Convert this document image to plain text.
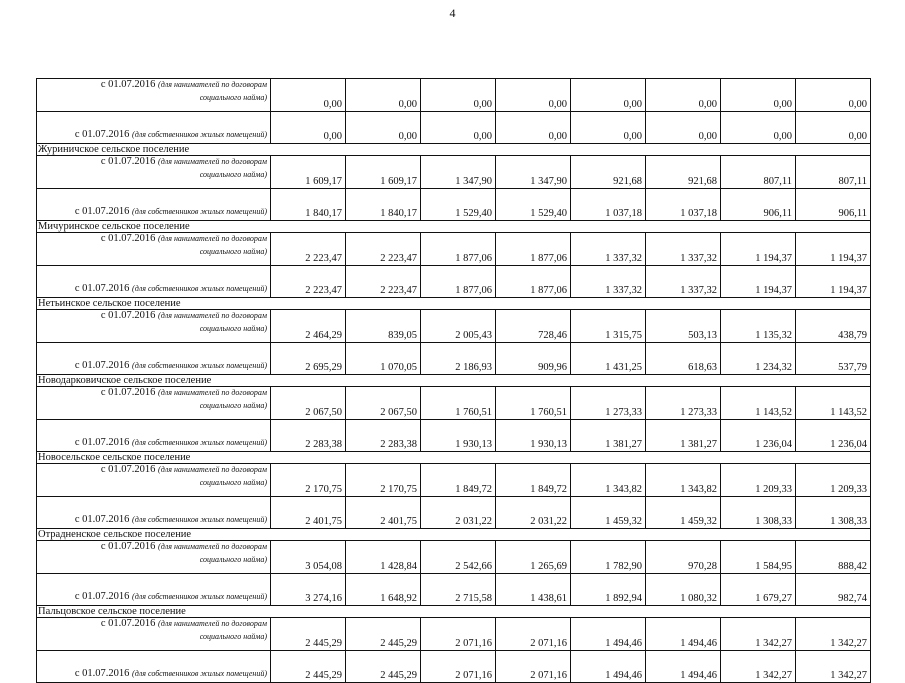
4
с 01.07.2016 (для нанимателей по договорам
социального найма)	0,00	0,00	0,00	0,00	0,00	0,00	0,00	0,00
с 01.07.2016 (для собственников жилых помещений)	0,00	0,00	0,00	0,00	0,00	0,00	0,00	0,00
Журиничское сельское поселение								
с 01.07.2016 (для нанимателей по договорам
социального найма)	1 609,17	1 609,17	1 347,90	1 347,90	921,68	921,68	807,11	807,11
с 01.07.2016 (для собственников жилых помещений)	1 840,17	1 840,17	1 529,40	1 529,40	1 037,18	1 037,18	906,11	906,11
Мичуринское сельское поселение								
с 01.07.2016 (для нанимателей по договорам
социального найма)	2 223,47	2 223,47	1 877,06	1 877,06	1 337,32	1 337,32	1 194,37	1 194,37
с 01.07.2016 (для собственников жилых помещений)	2 223,47	2 223,47	1 877,06	1 877,06	1 337,32	1 337,32	1 194,37	1 194,37
Нетьинское сельское поселение								
с 01.07.2016 (для нанимателей по договорам
социального найма)	2 464,29	839,05	2 005,43	728,46	1 315,75	503,13	1 135,32	438,79
с 01.07.2016 (для собственников жилых помещений)	2 695,29	1 070,05	2 186,93	909,96	1 431,25	618,63	1 234,32	537,79
Новодарковичское сельское поселение								
с 01.07.2016 (для нанимателей по договорам
социального найма)	2 067,50	2 067,50	1 760,51	1 760,51	1 273,33	1 273,33	1 143,52	1 143,52
с 01.07.2016 (для собственников жилых помещений)	2 283,38	2 283,38	1 930,13	1 930,13	1 381,27	1 381,27	1 236,04	1 236,04
Новосельское сельское поселение								
с 01.07.2016 (для нанимателей по договорам
социального найма)	2 170,75	2 170,75	1 849,72	1 849,72	1 343,82	1 343,82	1 209,33	1 209,33
с 01.07.2016 (для собственников жилых помещений)	2 401,75	2 401,75	2 031,22	2 031,22	1 459,32	1 459,32	1 308,33	1 308,33
Отрадненское сельское поселение								
с 01.07.2016 (для нанимателей по договорам
социального найма)	3 054,08	1 428,84	2 542,66	1 265,69	1 782,90	970,28	1 584,95	888,42
с 01.07.2016 (для собственников жилых помещений)	3 274,16	1 648,92	2 715,58	1 438,61	1 892,94	1 080,32	1 679,27	982,74
Пальцовское сельское поселение								
с 01.07.2016 (для нанимателей по договорам
социального найма)	2 445,29	2 445,29	2 071,16	2 071,16	1 494,46	1 494,46	1 342,27	1 342,27
с 01.07.2016 (для собственников жилых помещений)	2 445,29	2 445,29	2 071,16	2 071,16	1 494,46	1 494,46	1 342,27	1 342,27
